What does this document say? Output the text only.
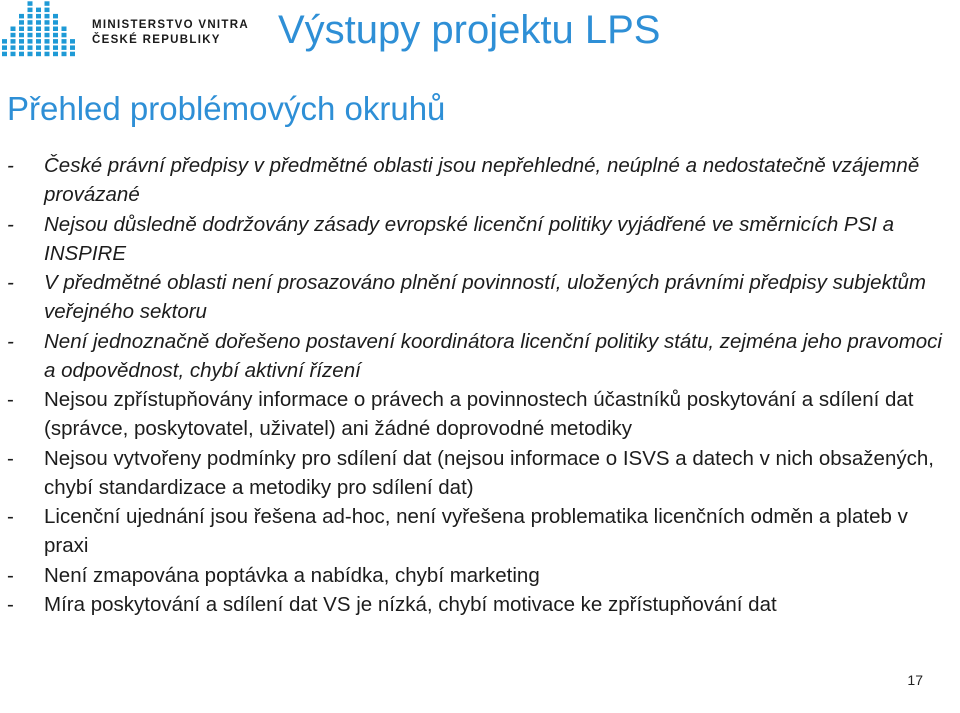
MINISTERSTVO VNITRA
ČESKÉ REPUBLIKY	Výstupy projektu LPS
Přehled problémových okruhů
- České právní předpisy v předmětné oblasti jsou nepřehledné, neúplné a nedostatečně vzájemně provázané
- Nejsou důsledně dodržovány zásady evropské licenční politiky vyjádřené ve směrnicích PSI a INSPIRE
- V předmětné oblasti není prosazováno plnění povinností, uložených právními předpisy subjektům veřejného sektoru
- Není jednoznačně dořešeno postavení koordinátora licenční politiky státu, zejména jeho pravomoci a odpovědnost, chybí aktivní řízení
- Nejsou zpřístupňovány informace o právech a povinnostech účastníků poskytování a sdílení dat (správce, poskytovatel, uživatel) ani žádné doprovodné metodiky
- Nejsou vytvořeny podmínky pro sdílení dat (nejsou informace o ISVS a datech v nich obsažených, chybí standardizace a metodiky pro sdílení dat)
- Licenční ujednání jsou řešena ad-hoc, není vyřešena problematika licenčních odměn a plateb v praxi
- Není zmapována poptávka a nabídka, chybí marketing
- Míra poskytování a sdílení dat VS je nízká, chybí motivace ke zpřístupňování dat
17
